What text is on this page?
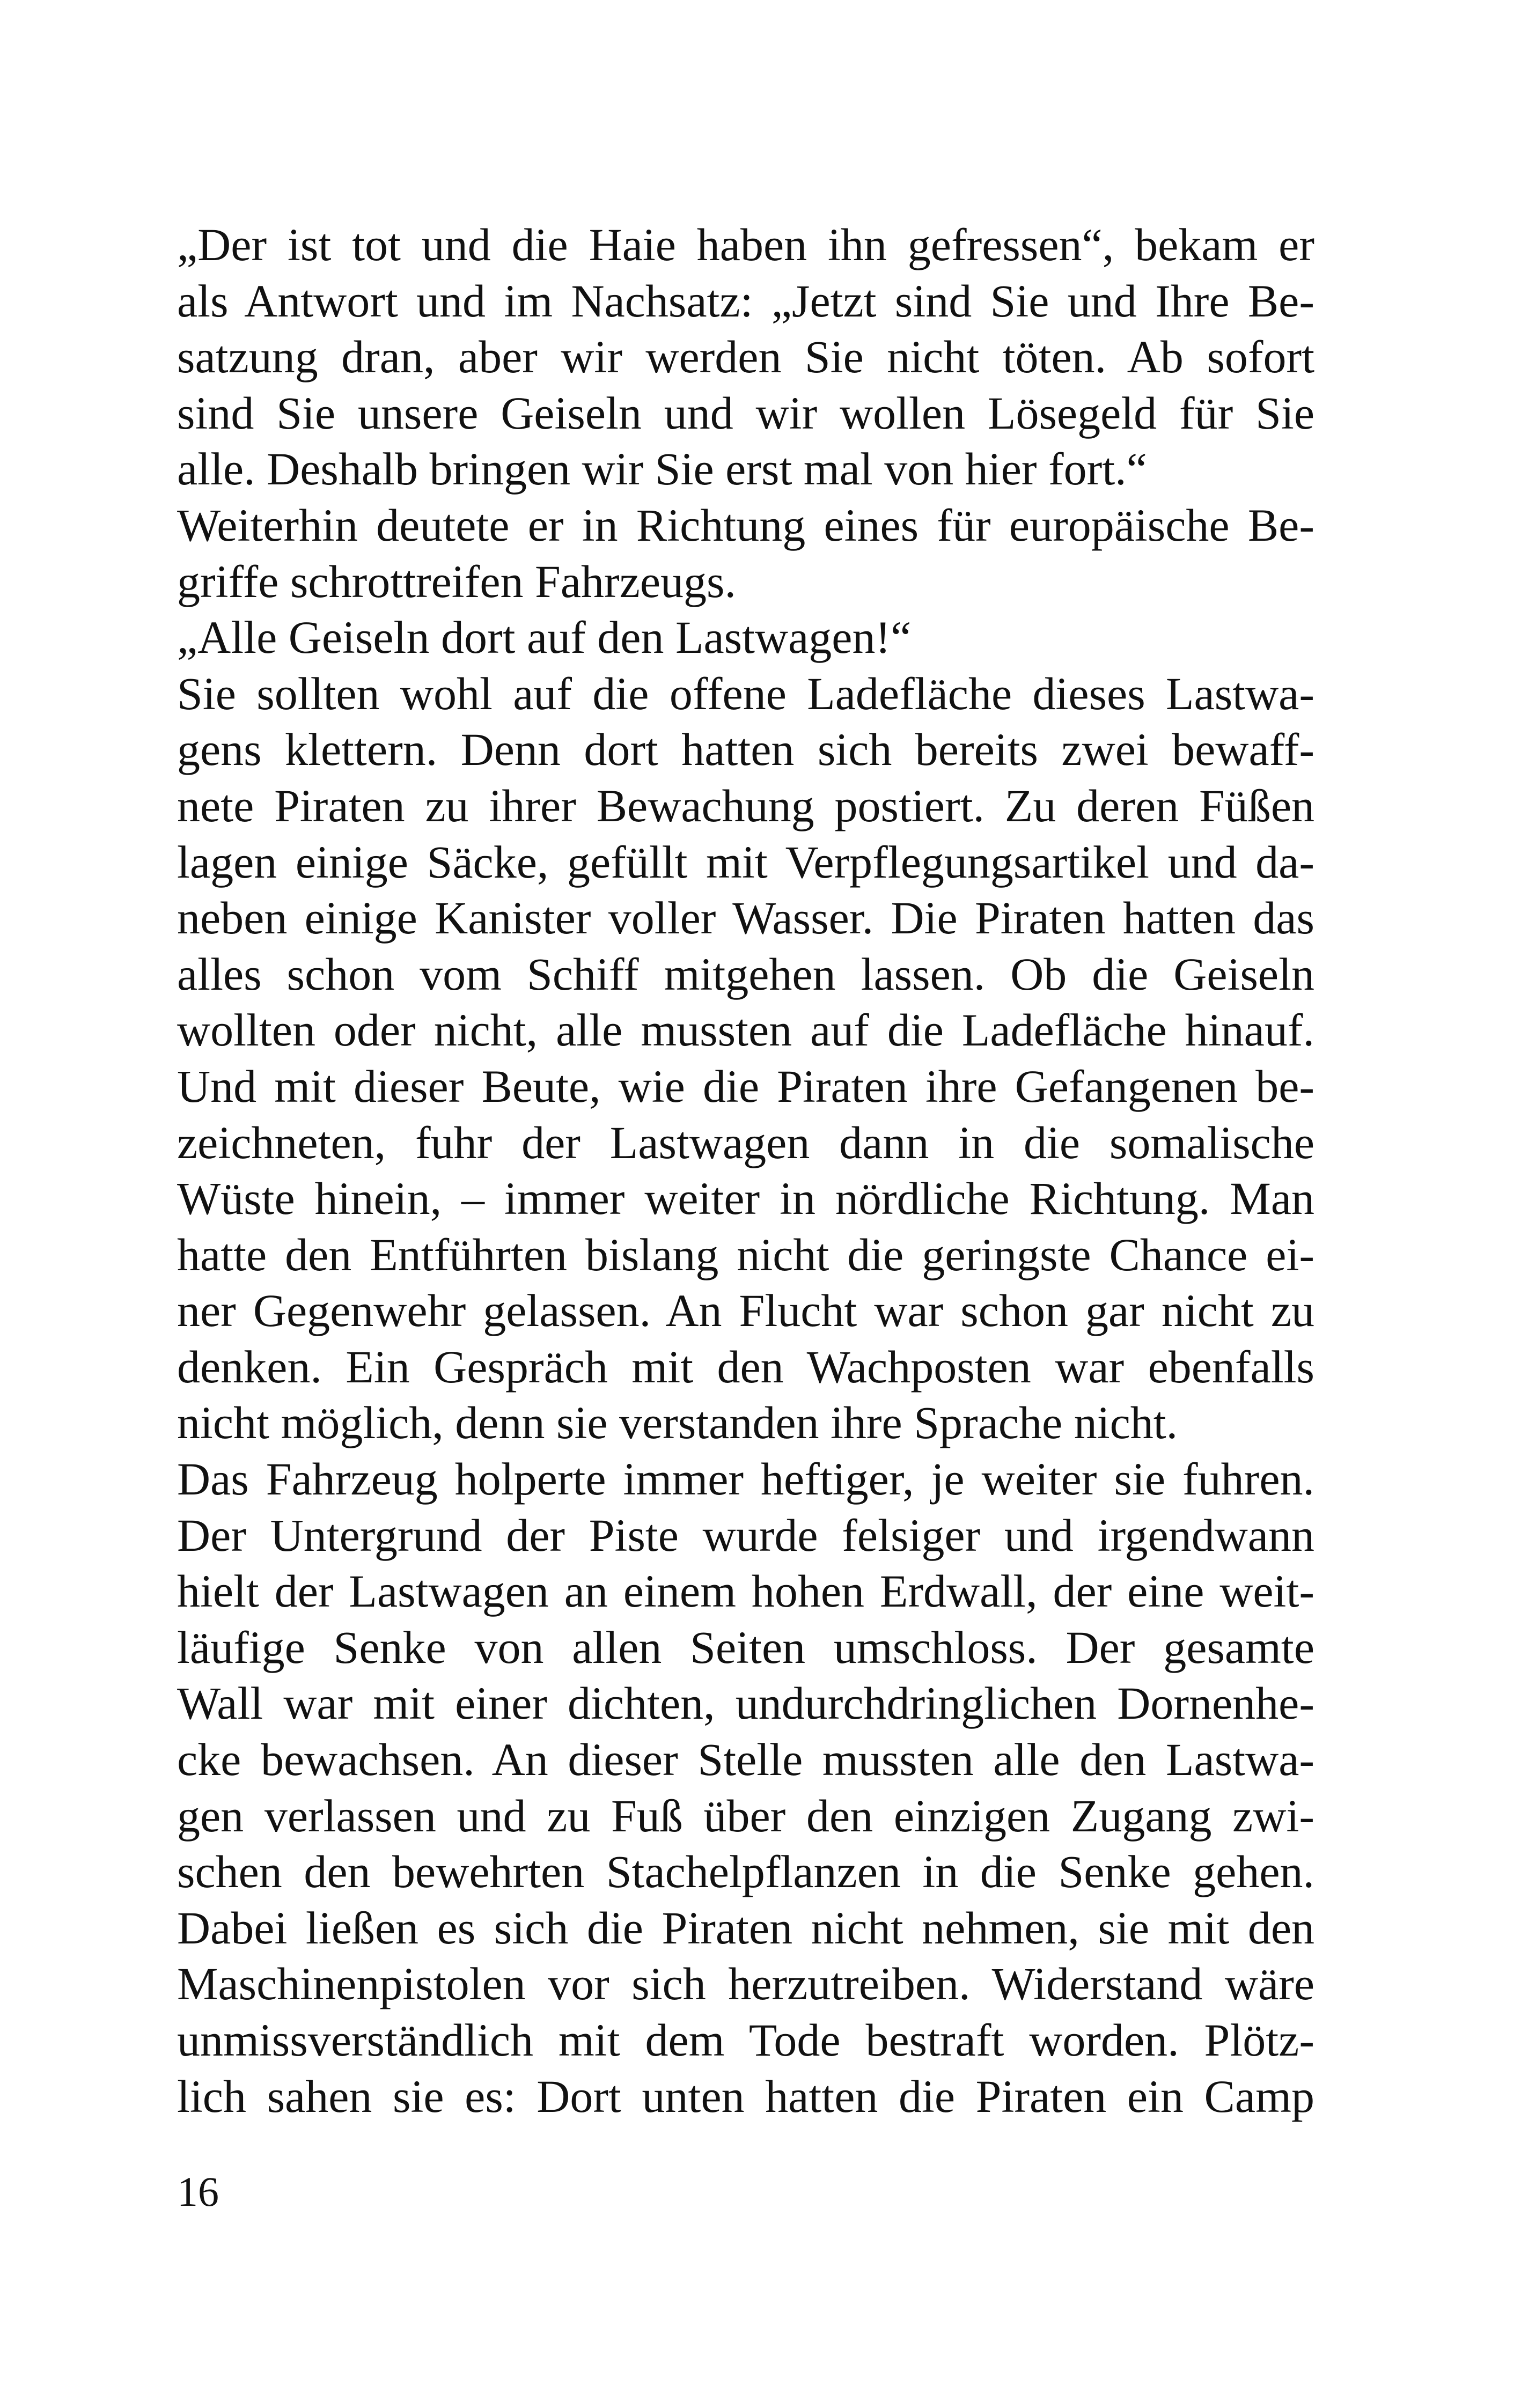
„Der ist tot und die Haie haben ihn gefressen“, bekam er
als Antwort und im Nachsatz: „Jetzt sind Sie und Ihre Be-
satzung dran, aber wir werden Sie nicht töten. Ab sofort
sind Sie unsere Geiseln und wir wollen Lösegeld für Sie
alle. Deshalb bringen wir Sie erst mal von hier fort.“
Weiterhin deutete er in Richtung eines für europäische Be-
griffe schrottreifen Fahrzeugs.
„Alle Geiseln dort auf den Lastwagen!“
Sie sollten wohl auf die offene Ladefläche dieses Lastwa-
gens klettern. Denn dort hatten sich bereits zwei bewaff-
nete Piraten zu ihrer Bewachung postiert. Zu deren Füßen
lagen einige Säcke, gefüllt mit Verpflegungsartikel und da-
neben einige Kanister voller Wasser. Die Piraten hatten das
alles schon vom Schiff mitgehen lassen. Ob die Geiseln
wollten oder nicht, alle mussten auf die Ladefläche hinauf.
Und mit dieser Beute, wie die Piraten ihre Gefangenen be-
zeichneten, fuhr der Lastwagen dann in die somalische
Wüste hinein, – immer weiter in nördliche Richtung. Man
hatte den Entführten bislang nicht die geringste Chance ei-
ner Gegenwehr gelassen. An Flucht war schon gar nicht zu
denken. Ein Gespräch mit den Wachposten war ebenfalls
nicht möglich, denn sie verstanden ihre Sprache nicht.
Das Fahrzeug holperte immer heftiger, je weiter sie fuhren.
Der Untergrund der Piste wurde felsiger und irgendwann
hielt der Lastwagen an einem hohen Erdwall, der eine weit-
läufige Senke von allen Seiten umschloss. Der gesamte
Wall war mit einer dichten, undurchdringlichen Dornenhe-
cke bewachsen. An dieser Stelle mussten alle den Lastwa-
gen verlassen und zu Fuß über den einzigen Zugang zwi-
schen den bewehrten Stachelpflanzen in die Senke gehen.
Dabei ließen es sich die Piraten nicht nehmen, sie mit den
Maschinenpistolen vor sich herzutreiben. Widerstand wäre
unmissverständlich mit dem Tode bestraft worden. Plötz-
lich sahen sie es: Dort unten hatten die Piraten ein Camp
16
